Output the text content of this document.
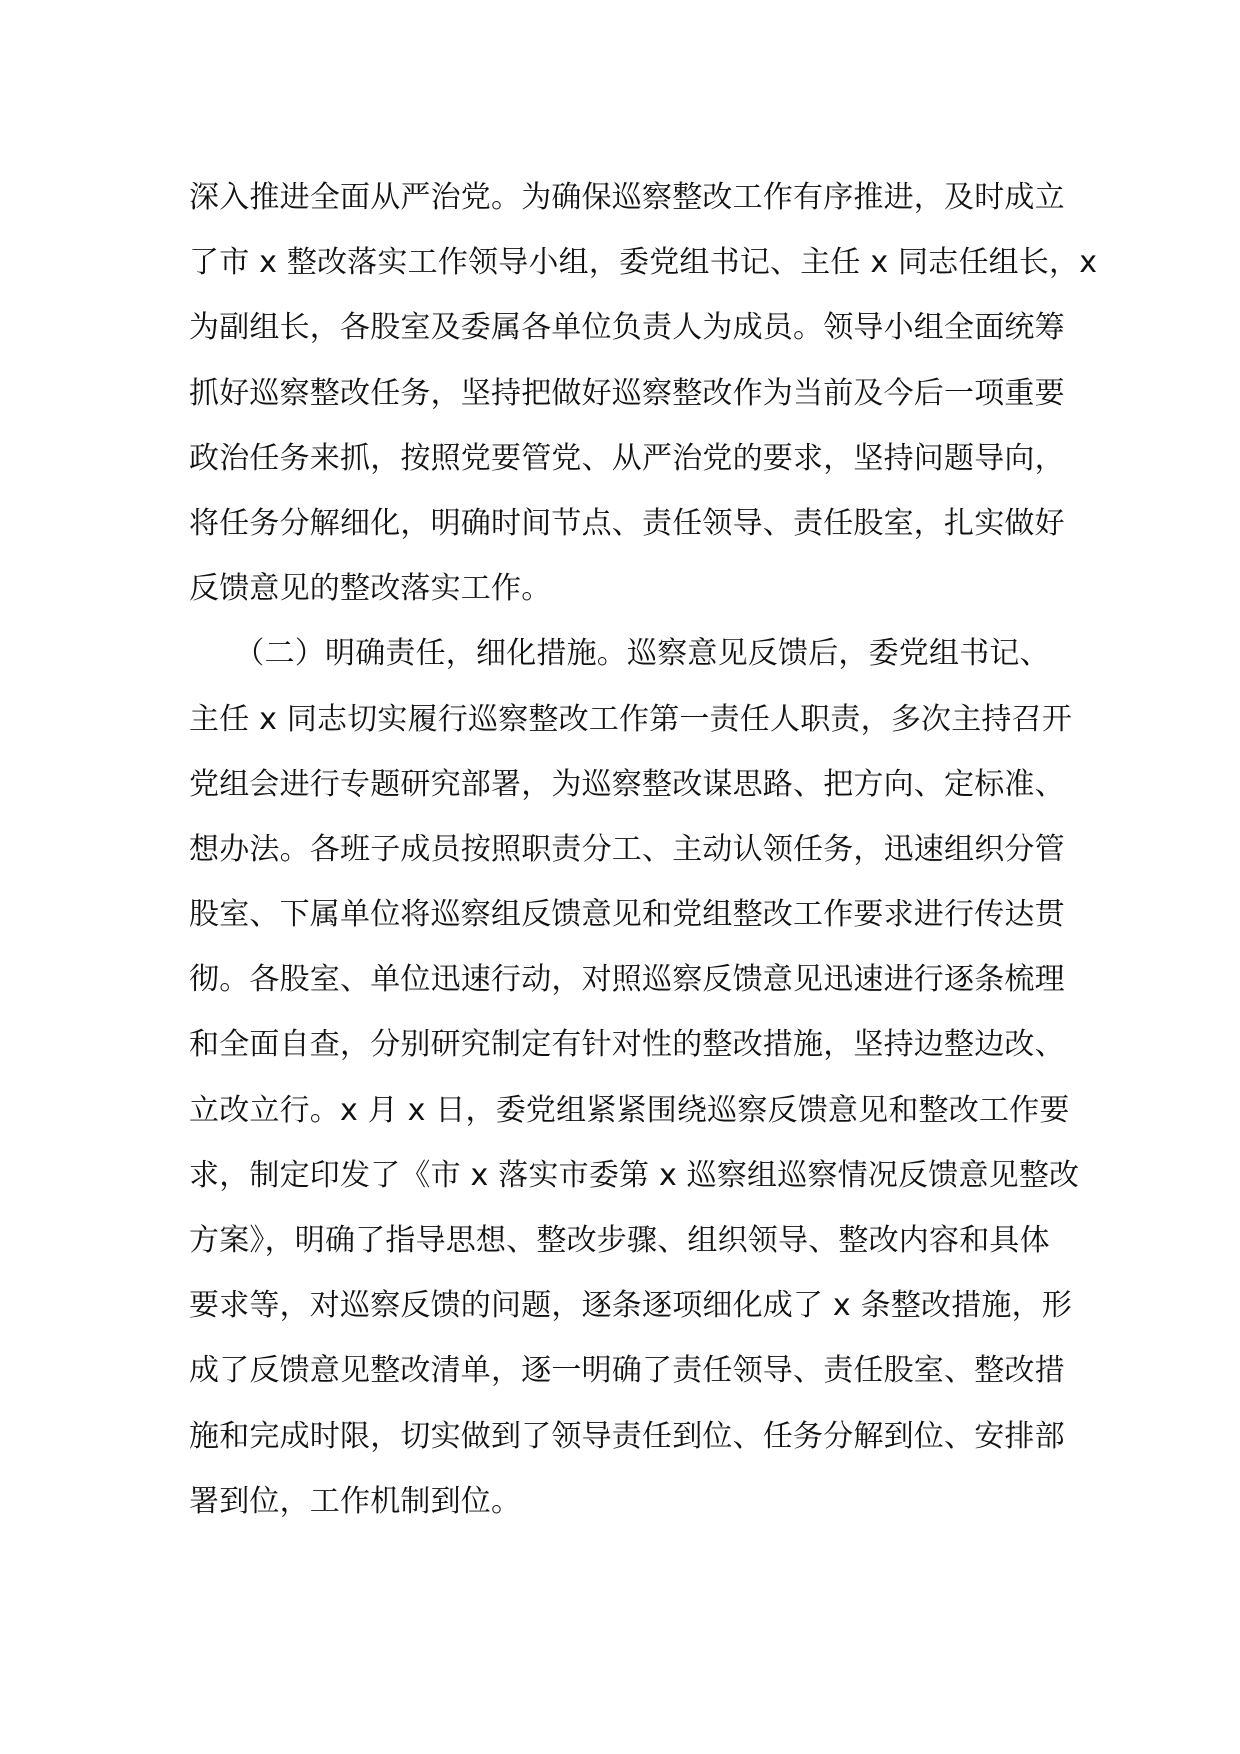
深入推进全面从严治党。为确保巡察整改工作有序推进，及时成立
了市 x 整改落实工作领导小组，委党组书记、主任 x 同志任组长，x
为副组长，各股室及委属各单位负责人为成员。领导小组全面统筹
抓好巡察整改任务，坚持把做好巡察整改作为当前及今后一项重要
政治任务来抓，按照党要管党、从严治党的要求，坚持问题导向，
将任务分解细化，明确时间节点、责任领导、责任股室，扎实做好
反馈意见的整改落实工作。
　　（二）明确责任，细化措施。巡察意见反馈后，委党组书记、
主任 x 同志切实履行巡察整改工作第一责任人职责，多次主持召开
党组会进行专题研究部署，为巡察整改谋思路、把方向、定标准、
想办法。各班子成员按照职责分工、主动认领任务，迅速组织分管
股室、下属单位将巡察组反馈意见和党组整改工作要求进行传达贯
彻。各股室、单位迅速行动，对照巡察反馈意见迅速进行逐条梳理
和全面自查，分别研究制定有针对性的整改措施，坚持边整边改、
立改立行。x 月 x 日，委党组紧紧围绕巡察反馈意见和整改工作要
求，制定印发了《市 x 落实市委第 x 巡察组巡察情况反馈意见整改
方案》，明确了指导思想、整改步骤、组织领导、整改内容和具体
要求等，对巡察反馈的问题，逐条逐项细化成了 x 条整改措施，形
成了反馈意见整改清单，逐一明确了责任领导、责任股室、整改措
施和完成时限，切实做到了领导责任到位、任务分解到位、安排部
署到位，工作机制到位。
